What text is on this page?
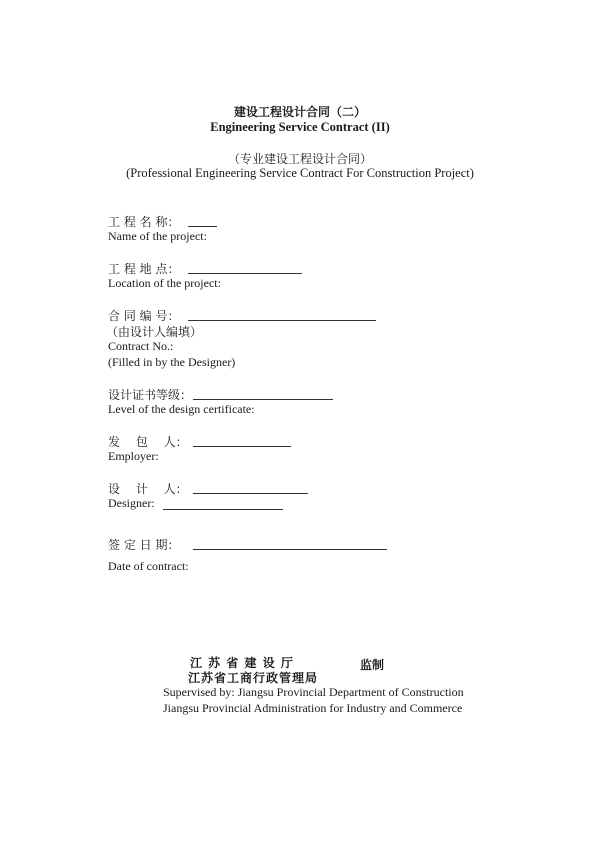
建设工程设计合同（二）
Engineering Service Contract (II)
（专业建设工程设计合同）
(Professional Engineering Service Contract For Construction Project)
工 程 名 称：
Name of the project:
工 程 地 点：
Location of the project:
合 同 编 号：
（由设计人编填）
Contract No.:
(Filled in by the Designer)
设计证书等级：
Level of the design certificate:
发　 包　 人：
Employer:
设　 计　 人：
Designer:
签 定 日 期：
Date of contract:
江 苏 省 建 设 厅	监制
江苏省工商行政管理局
Supervised by: Jiangsu Provincial Department of Construction
Jiangsu Provincial Administration for Industry and Commerce
